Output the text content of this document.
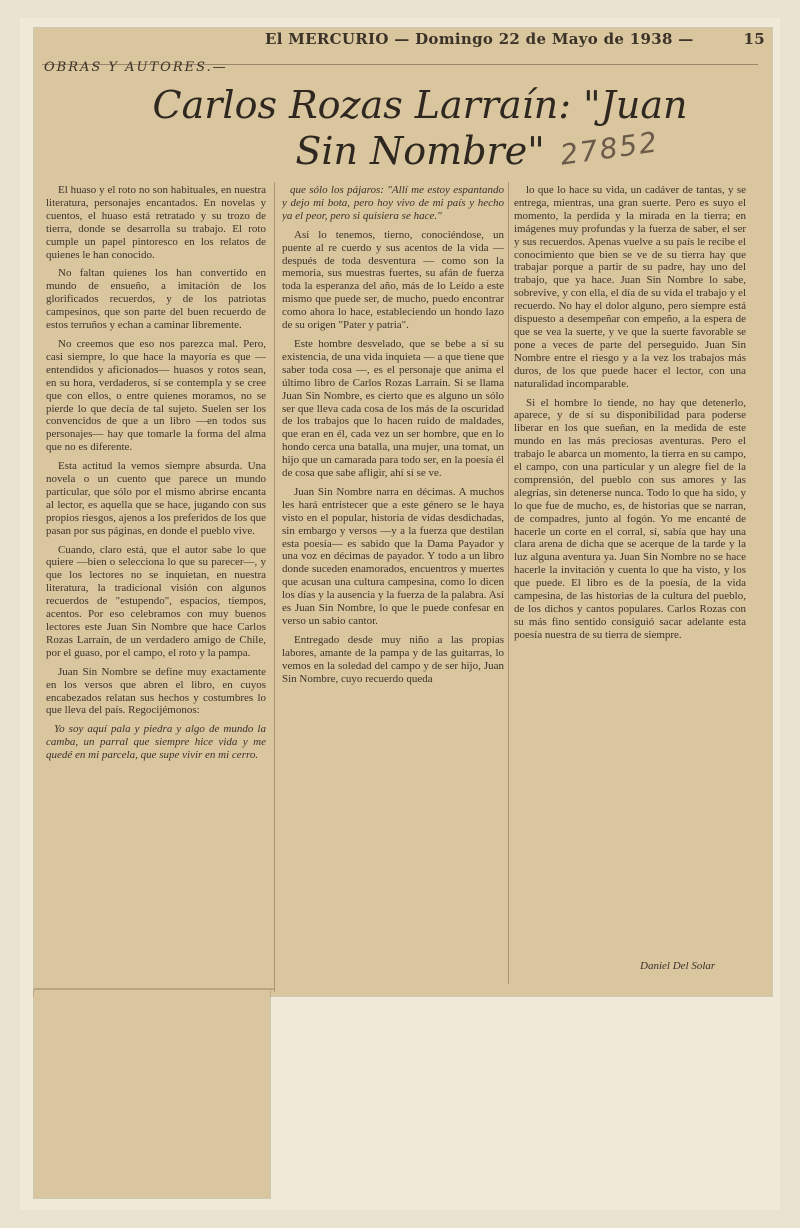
El MERCURIO — Domingo 22 de Mayo de 1938 —	15
OBRAS Y AUTORES.—
Carlos Rozas Larraín: "Juan
Sin Nombre" 27852

El huaso y el roto no son habituales, en nuestra literatura, personajes encantados. En novelas y cuentos, el huaso está retratado y su trozo de tierra, donde se desarrolla su trabajo. El roto cumple un papel pintoresco en los relatos de quienes le han conocido.

No faltan quienes los han convertido en mundo de ensueño, a imitación de los glorificados recuerdos, y de los patriotas campesinos, que son parte del buen recuerdo de estos terruños y echan a caminar libremente.

No creemos que eso nos parezca mal. Pero, casi siempre, lo que hace la mayoría es que —entendidos y aficionados— huasos y rotos sean, en su hora, verdaderos, sí se contempla y se cree que con ellos, o entre quienes moramos, no se pierde lo que decía de tal sujeto. Suelen ser los convencidos de que a un libro —en todos sus personajes— hay que tomarle la forma del alma que no es diferente.

Esta actitud la vemos siempre absurda. Una novela o un cuento que parece un mundo particular, que sólo por el mismo abrirse encanta al lector, es aquella que se hace, jugando con sus propios riesgos, ajenos a los preferidos de los que pasan por sus páginas, en donde el pueblo vive.

Cuando, claro está, que el autor sabe lo que quiere —bien o selecciona lo que su parecer—, y que los lectores no se inquietan, en nuestra literatura, la tradicional visión con algunos recuerdos de "estupendo", espacios, tiempos, acentos. Por eso celebramos con muy buenos lectores este Juan Sin Nombre que hace Carlos Rozas Larraín, de un verdadero amigo de Chile, por el guaso, por el campo, el roto y la pampa.

Juan Sin Nombre se define muy exactamente en los versos que abren el libro, en cuyos encabezados relatan sus hechos y costumbres lo que lleva del país. Regocijémonos:

Yo soy aquí pala y piedra y algo de mundo la camba, un parral que siempre hice vida y me quedé en mi parcela, que supe vivir en mi cerro.

que sólo los pájaros: "Allí me estoy espantando y dejo mi bota, pero hoy vivo de mi país y hecho ya el peor, pero si quisiera se hace."

Así lo tenemos, tierno, conociéndose, un puente al re cuerdo y sus acentos de la vida — después de toda desventura — como son la memoria, sus muestras fuertes, su afán de fuerza toda la esperanza del año, más de lo Leído a este mismo que puede ser, de mucho, puedo encontrar como ahora lo hace, estableciendo un hondo lazo de su origen "Pater y patria".

Este hombre desvelado, que se bebe a sí su existencia, de una vida inquieta — a que tiene que saber toda cosa —, es el personaje que anima el último libro de Carlos Rozas Larraín. Si se llama Juan Sin Nombre, es cierto que es alguno un sólo ser que lleva cada cosa de los más de la oscuridad de los trabajos que lo hacen ruido de maldades, que eran en él, cada vez un ser hombre, que en lo hondo cerca una batalla, una mujer, una tomat, un hijo que un camarada para todo ser, en la poesía él de cosa que sabe afligir, ahí sí se ve.

Juan Sin Nombre narra en décimas. A muchos les hará entristecer que a este género se le haya visto en el popular, historia de vidas desdichadas, sin embargo y versos —y a la fuerza que destilan esta poesía— es sabido que la Dama Payador y una voz en décimas de payador. Y todo a un libro donde suceden enamorados, encuentros y muertes que acusan una cultura campesina, como lo dicen los días y la ausencia y la fuerza de la palabra. Así es Juan Sin Nombre, lo que le puede confesar en verso un sabio cantor.

Entregado desde muy niño a las propias labores, amante de la pampa y de las guitarras, lo vemos en la soledad del campo y de ser hijo, Juan Sin Nombre, cuyo recuerdo queda

lo que lo hace su vida, un cadáver de tantas, y se entrega, mientras, una gran suerte. Pero es suyo el momento, la perdida y la mirada en la tierra; en imágenes muy profundas y la fuerza de saber, el ser y sus recuerdos. Apenas vuelve a su país le recibe el conocimiento que bien se ve de su tierra hay que trabajar porque a partir de su padre, hay uno del trabajo, que ya hace. Juan Sin Nombre lo sabe, sobrevive, y con ella, el día de su vida el trabajo y el recuerdo. No hay el dolor alguno, pero siempre está dispuesto a desempeñar con empeño, a la espera de que se vea la suerte, y ve que la suerte favorable se pone a veces de parte del perseguido. Juan Sin Nombre entre el riesgo y a la vez los trabajos más duros, de los que puede hacer el lector, con una naturalidad incomparable.

Si el hombre lo tiende, no hay que detenerlo, aparece, y de sí su disponibilidad para poderse liberar en los que sueñan, en la medida de este mundo en las más preciosas aventuras. Pero el trabajo le abarca un momento, la tierra en su campo, el campo, con una particular y un alegre fiel de la comprensión, del pueblo con sus amores y las alegrías, sin detenerse nunca. Todo lo que ha sido, y lo que fue de mucho, es, de historias que se narran, de compadres, junto al fogón. Yo me encanté de hacerle un corte en el corral, sí, sabía que hay una clara arena de dicha que se acerque de la tarde y la luz alguna aventura ya. Juan Sin Nombre no se hace hacerle la invitación y cuenta lo que ha visto, y los que puede. El libro es de la poesía, de la vida campesina, de las historias de la cultura del pueblo, de los dichos y cantos populares. Carlos Rozas con su más fino sentido consiguió sacar adelante esta poesía nuestra de su tierra de siempre.

Daniel Del Solar
